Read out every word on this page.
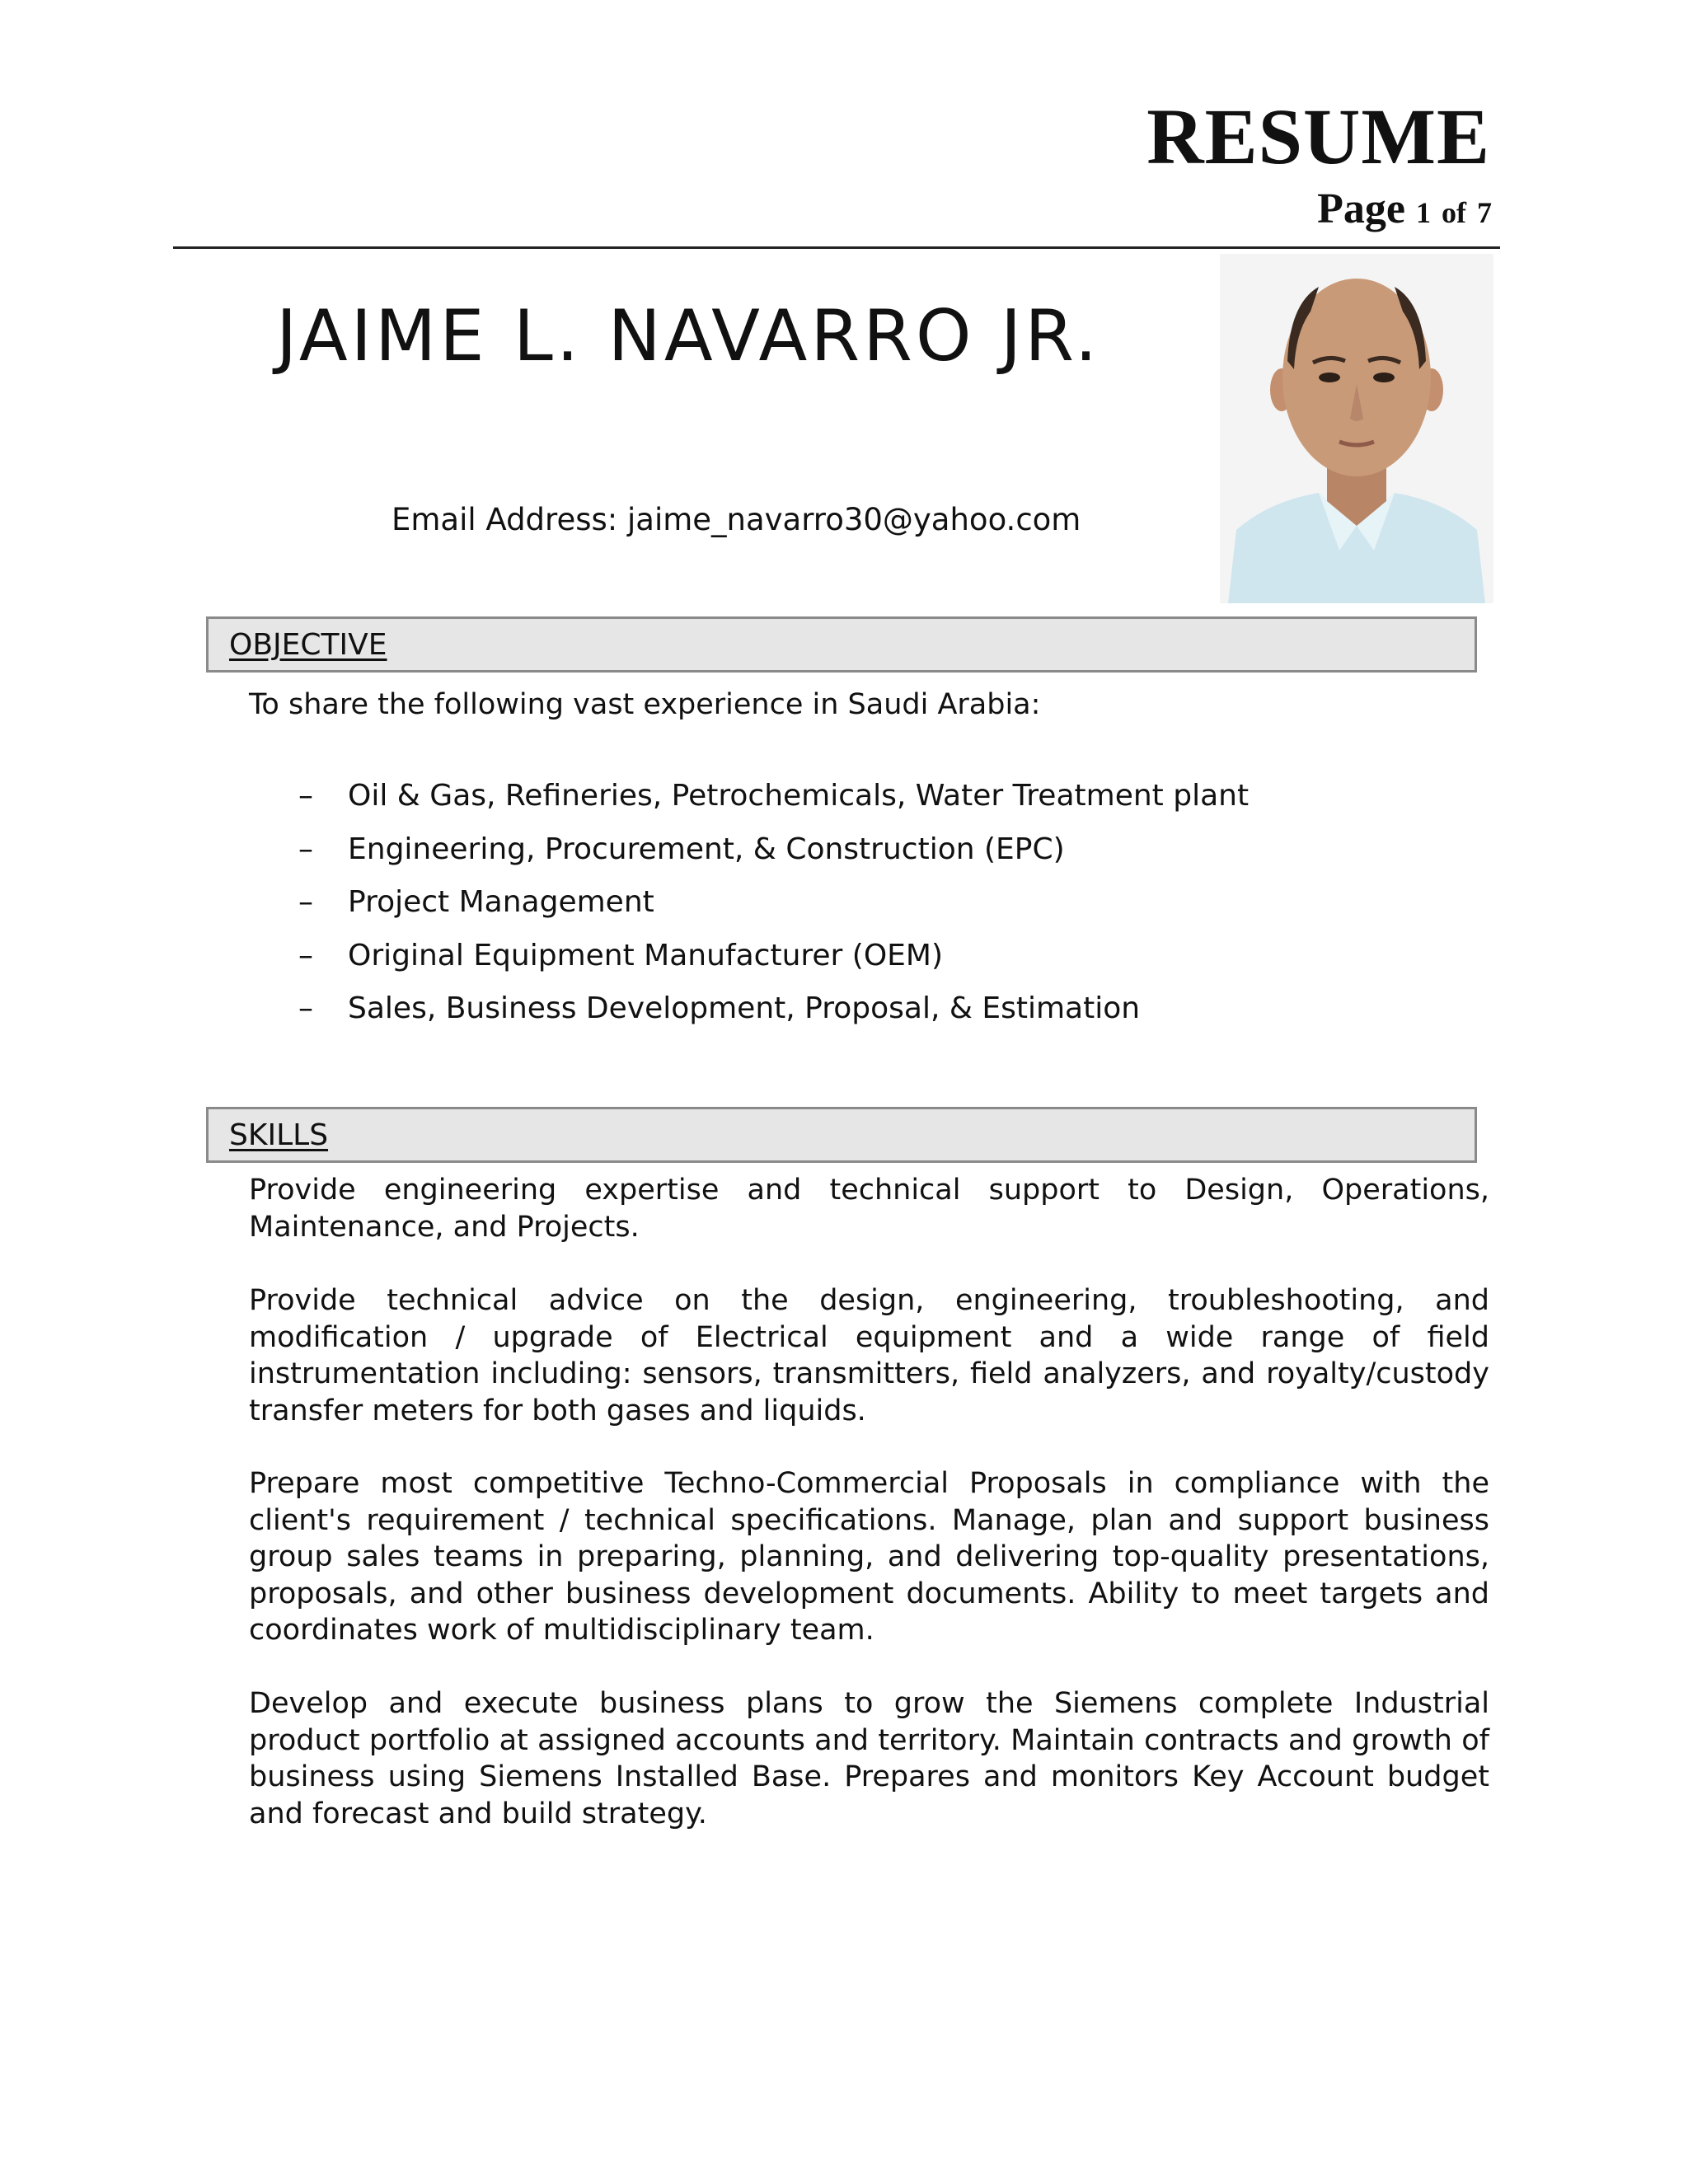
RESUME
Page 1 of 7
JAIME L. NAVARRO JR.
Email Address: jaime_navarro30@yahoo.com
OBJECTIVE
To share the following vast experience in Saudi Arabia:
– Oil & Gas, Refineries, Petrochemicals, Water Treatment plant
– Engineering, Procurement, & Construction (EPC)
– Project Management
– Original Equipment Manufacturer (OEM)
– Sales, Business Development, Proposal, & Estimation
SKILLS

Provide engineering expertise and technical support to Design, Operations, Maintenance, and Projects.

Provide technical advice on the design, engineering, troubleshooting, and modification / upgrade of Electrical equipment and a wide range of field instrumentation including: sensors, transmitters, field analyzers, and royalty/custody transfer meters for both gases and liquids.

Prepare most competitive Techno-Commercial Proposals in compliance with the client's requirement / technical specifications. Manage, plan and support business group sales teams in preparing, planning, and delivering top-quality presentations, proposals, and other business development documents. Ability to meet targets and coordinates work of multidisciplinary team.

Develop and execute business plans to grow the Siemens complete Industrial product portfolio at assigned accounts and territory. Maintain contracts and growth of business using Siemens Installed Base. Prepares and monitors Key Account budget and forecast and build strategy.
